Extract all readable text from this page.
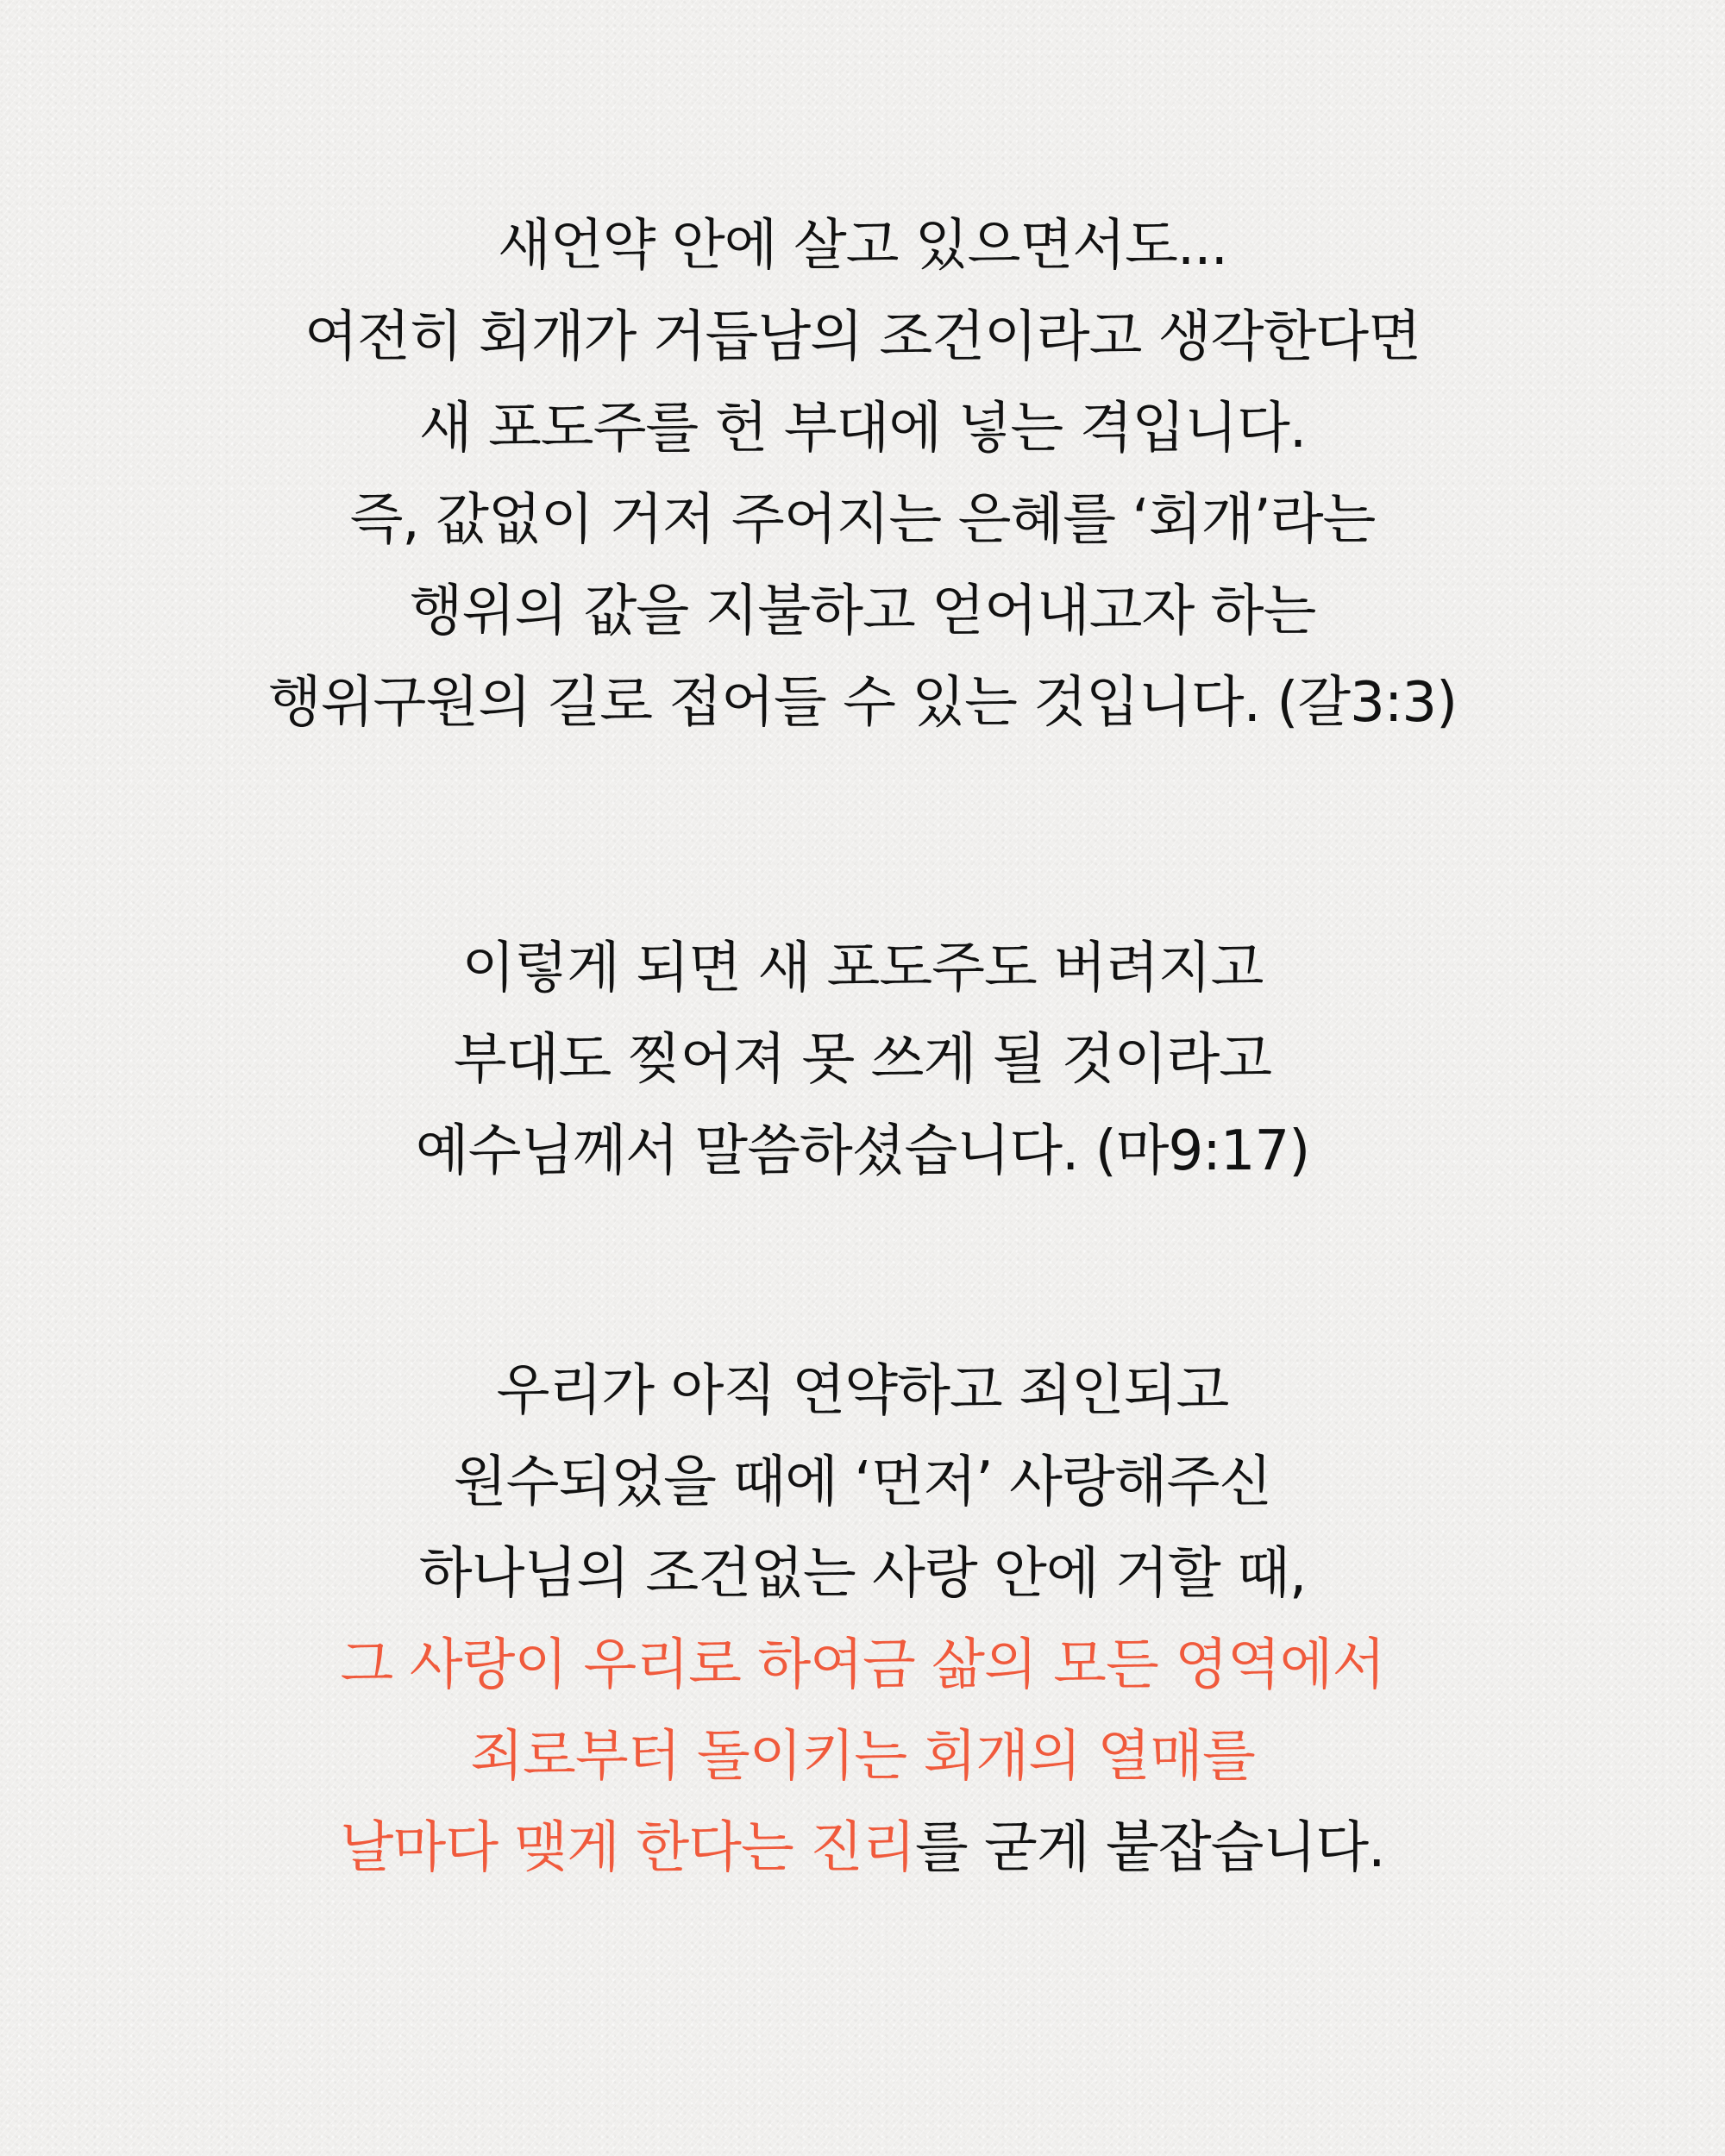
새언약 안에 살고 있으면서도...
여전히 회개가 거듭남의 조건이라고 생각한다면
새 포도주를 헌 부대에 넣는 격입니다.
즉, 값없이 거저 주어지는 은혜를 ‘회개’라는
행위의 값을 지불하고 얻어내고자 하는
행위구원의 길로 접어들 수 있는 것입니다. (갈3:3)
이렇게 되면 새 포도주도 버려지고
부대도 찢어져 못 쓰게 될 것이라고
예수님께서 말씀하셨습니다. (마9:17)
우리가 아직 연약하고 죄인되고
원수되었을 때에 ‘먼저’ 사랑해주신
하나님의 조건없는 사랑 안에 거할 때,
그 사랑이 우리로 하여금 삶의 모든 영역에서
죄로부터 돌이키는 회개의 열매를
날마다 맺게 한다는 진리를 굳게 붙잡습니다.
